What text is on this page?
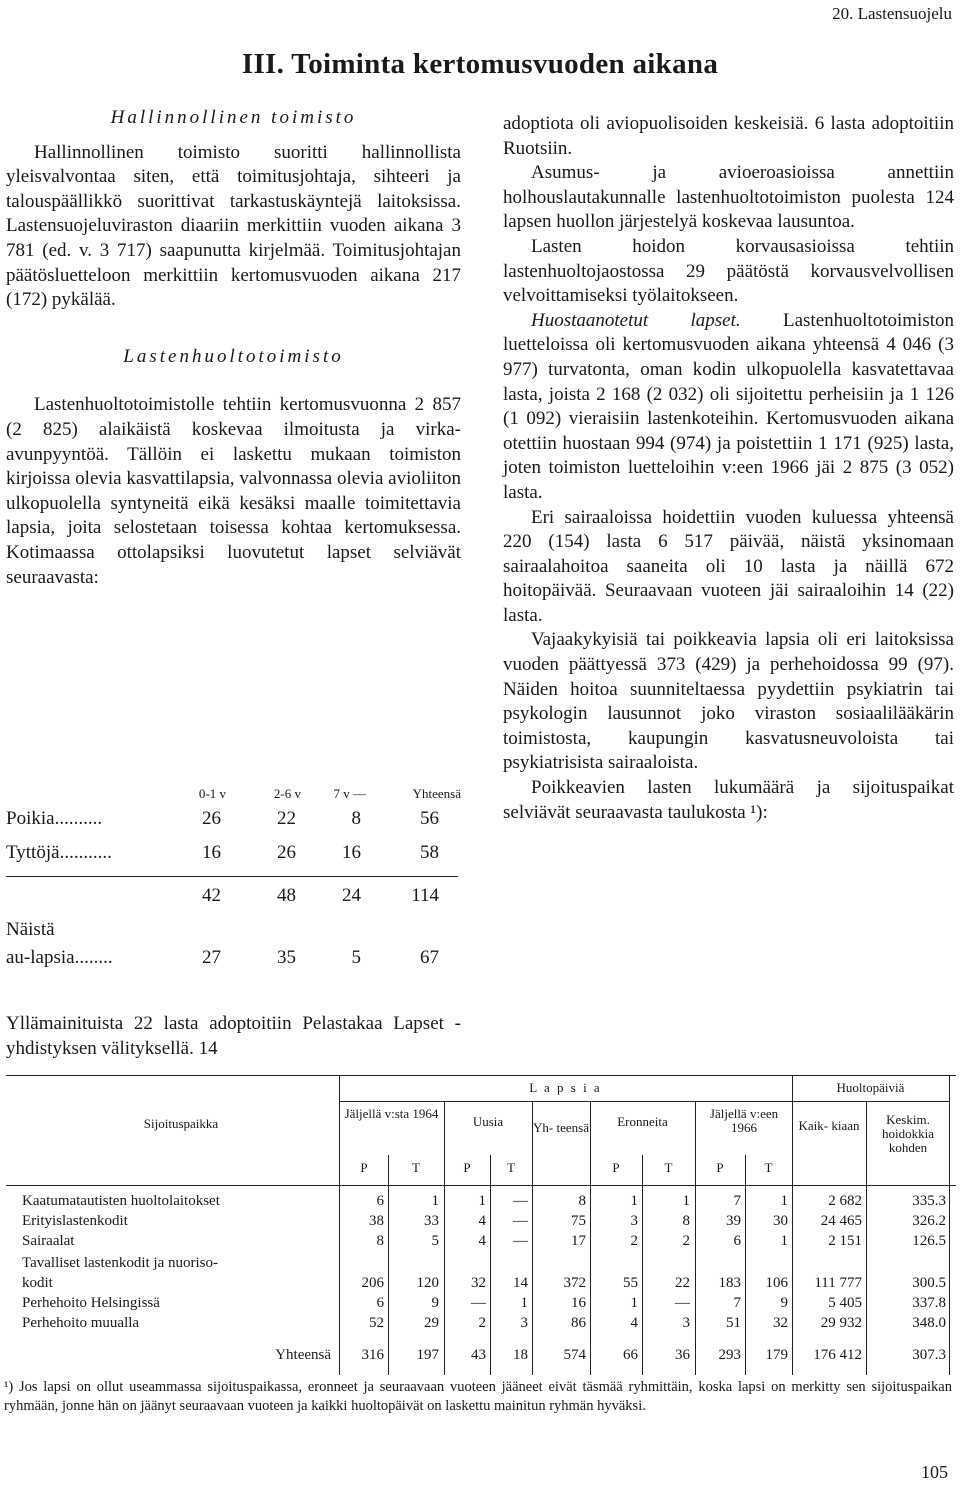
20. Lastensuojelu
III. Toiminta kertomusvuoden aikana

Hallinnollinen toimisto

Hallinnollinen toimisto suoritti hallinnollista yleisvalvontaa siten, että toimitusjohtaja, sihteeri ja talouspäällikkö suorittivat tarkastuskäyntejä laitoksissa. Lastensuojeluviraston diaariin merkittiin vuoden aikana 3 781 (ed. v. 3 717) saapunutta kirjelmää. Toimitusjohtajan päätösluetteloon merkittiin kertomusvuoden aikana 217 (172) pykälää.

Lastenhuoltotoimisto

Lastenhuoltotoimistolle tehtiin kertomusvuonna 2 857 (2 825) alaikäistä koskevaa ilmoitusta ja virka-avunpyyntöä. Tällöin ei laskettu mukaan toimiston kirjoissa olevia kasvattilapsia, valvonnassa olevia avioliiton ulkopuolella syntyneitä eikä kesäksi maalle toimitettavia lapsia, joita selostetaan toisessa kohtaa kertomuksessa. Kotimaassa ottolapsiksi luovutetut lapset selviävät seuraavasta:

0-1 v	2-6 v	7 v —	Yhteensä
Poikia..........	26	22	8	56
Tyttöjä...........	16	26	16	58
42	48	24	114
Näistä
au-lapsia........	27	35	5	67

Yllämainituista 22 lasta adoptoitiin Pelastakaa Lapset -yhdistyksen välityksellä. 14

adoptiota oli aviopuolisoiden keskeisiä. 6 lasta adoptoitiin Ruotsiin.

Asumus- ja avioeroasioissa annettiin holhouslautakunnalle lastenhuoltotoimiston puolesta 124 lapsen huollon järjestelyä koskevaa lausuntoa.

Lasten hoidon korvausasioissa tehtiin lastenhuoltojaostossa 29 päätöstä korvausvelvollisen velvoittamiseksi työlaitokseen.

Huostaanotetut lapset. Lastenhuoltotoimiston luetteloissa oli kertomusvuoden aikana yhteensä 4 046 (3 977) turvatonta, oman kodin ulkopuolella kasvatettavaa lasta, joista 2 168 (2 032) oli sijoitettu perheisiin ja 1 126 (1 092) vieraisiin lastenkoteihin. Kertomusvuoden aikana otettiin huostaan 994 (974) ja poistettiin 1 171 (925) lasta, joten toimiston luetteloihin v:een 1966 jäi 2 875 (3 052) lasta.

Eri sairaaloissa hoidettiin vuoden kuluessa yhteensä 220 (154) lasta 6 517 päivää, näistä yksinomaan sairaalahoitoa saaneita oli 10 lasta ja näillä 672 hoitopäivää. Seuraavaan vuoteen jäi sairaaloihin 14 (22) lasta.

Vajaakykyisiä tai poikkeavia lapsia oli eri laitoksissa vuoden päättyessä 373 (429) ja perhehoidossa 99 (97). Näiden hoitoa suunniteltaessa pyydettiin psykiatrin tai psykologin lausunnot joko viraston sosiaalilääkärin toimistosta, kaupungin kasvatusneuvoloista tai psykiatrisista sairaaloista.

Poikkeavien lasten lukumäärä ja sijoituspaikat selviävät seuraavasta taulukosta ¹):

Sijoituspaikka
L a p s i a	Huoltopäiviä
Jäljellä v:sta 1964
Uusia	Yh- teensä	Eronneita
Jäljellä v:een 1966	Kaik- kiaan	Keskim. hoidokkia kohden
P	T	P	T	P	T	P	T
Kaatumatautisten huoltolaitokset	6	1	1	—	8	1	1	7	1	2 682	335.3
Erityislastenkodit	38	33	4	—	75	3	8	39	30	24 465	326.2
Sairaalat	8	5	4	—	17	2	2	6	1	2 151	126.5
Tavalliset lastenkodit ja nuoriso-
kodit	206	120	32	14	372	55	22	183	106	111 777	300.5
Perhehoito Helsingissä	6	9	—	1	16	1	—	7	9	5 405	337.8
Perhehoito muualla	52	29	2	3	86	4	3	51	32	29 932	348.0
Yhteensä	316	197	43	18	574	66	36	293	179	176 412	307.3
¹) Jos lapsi on ollut useammassa sijoituspaikassa, eronneet ja seuraavaan vuoteen jääneet eivät täsmää ryhmittäin, koska lapsi on merkitty sen sijoituspaikan ryhmään, jonne hän on jäänyt seuraavaan vuoteen ja kaikki huoltopäivät on laskettu mainitun ryhmän hyväksi.
105
